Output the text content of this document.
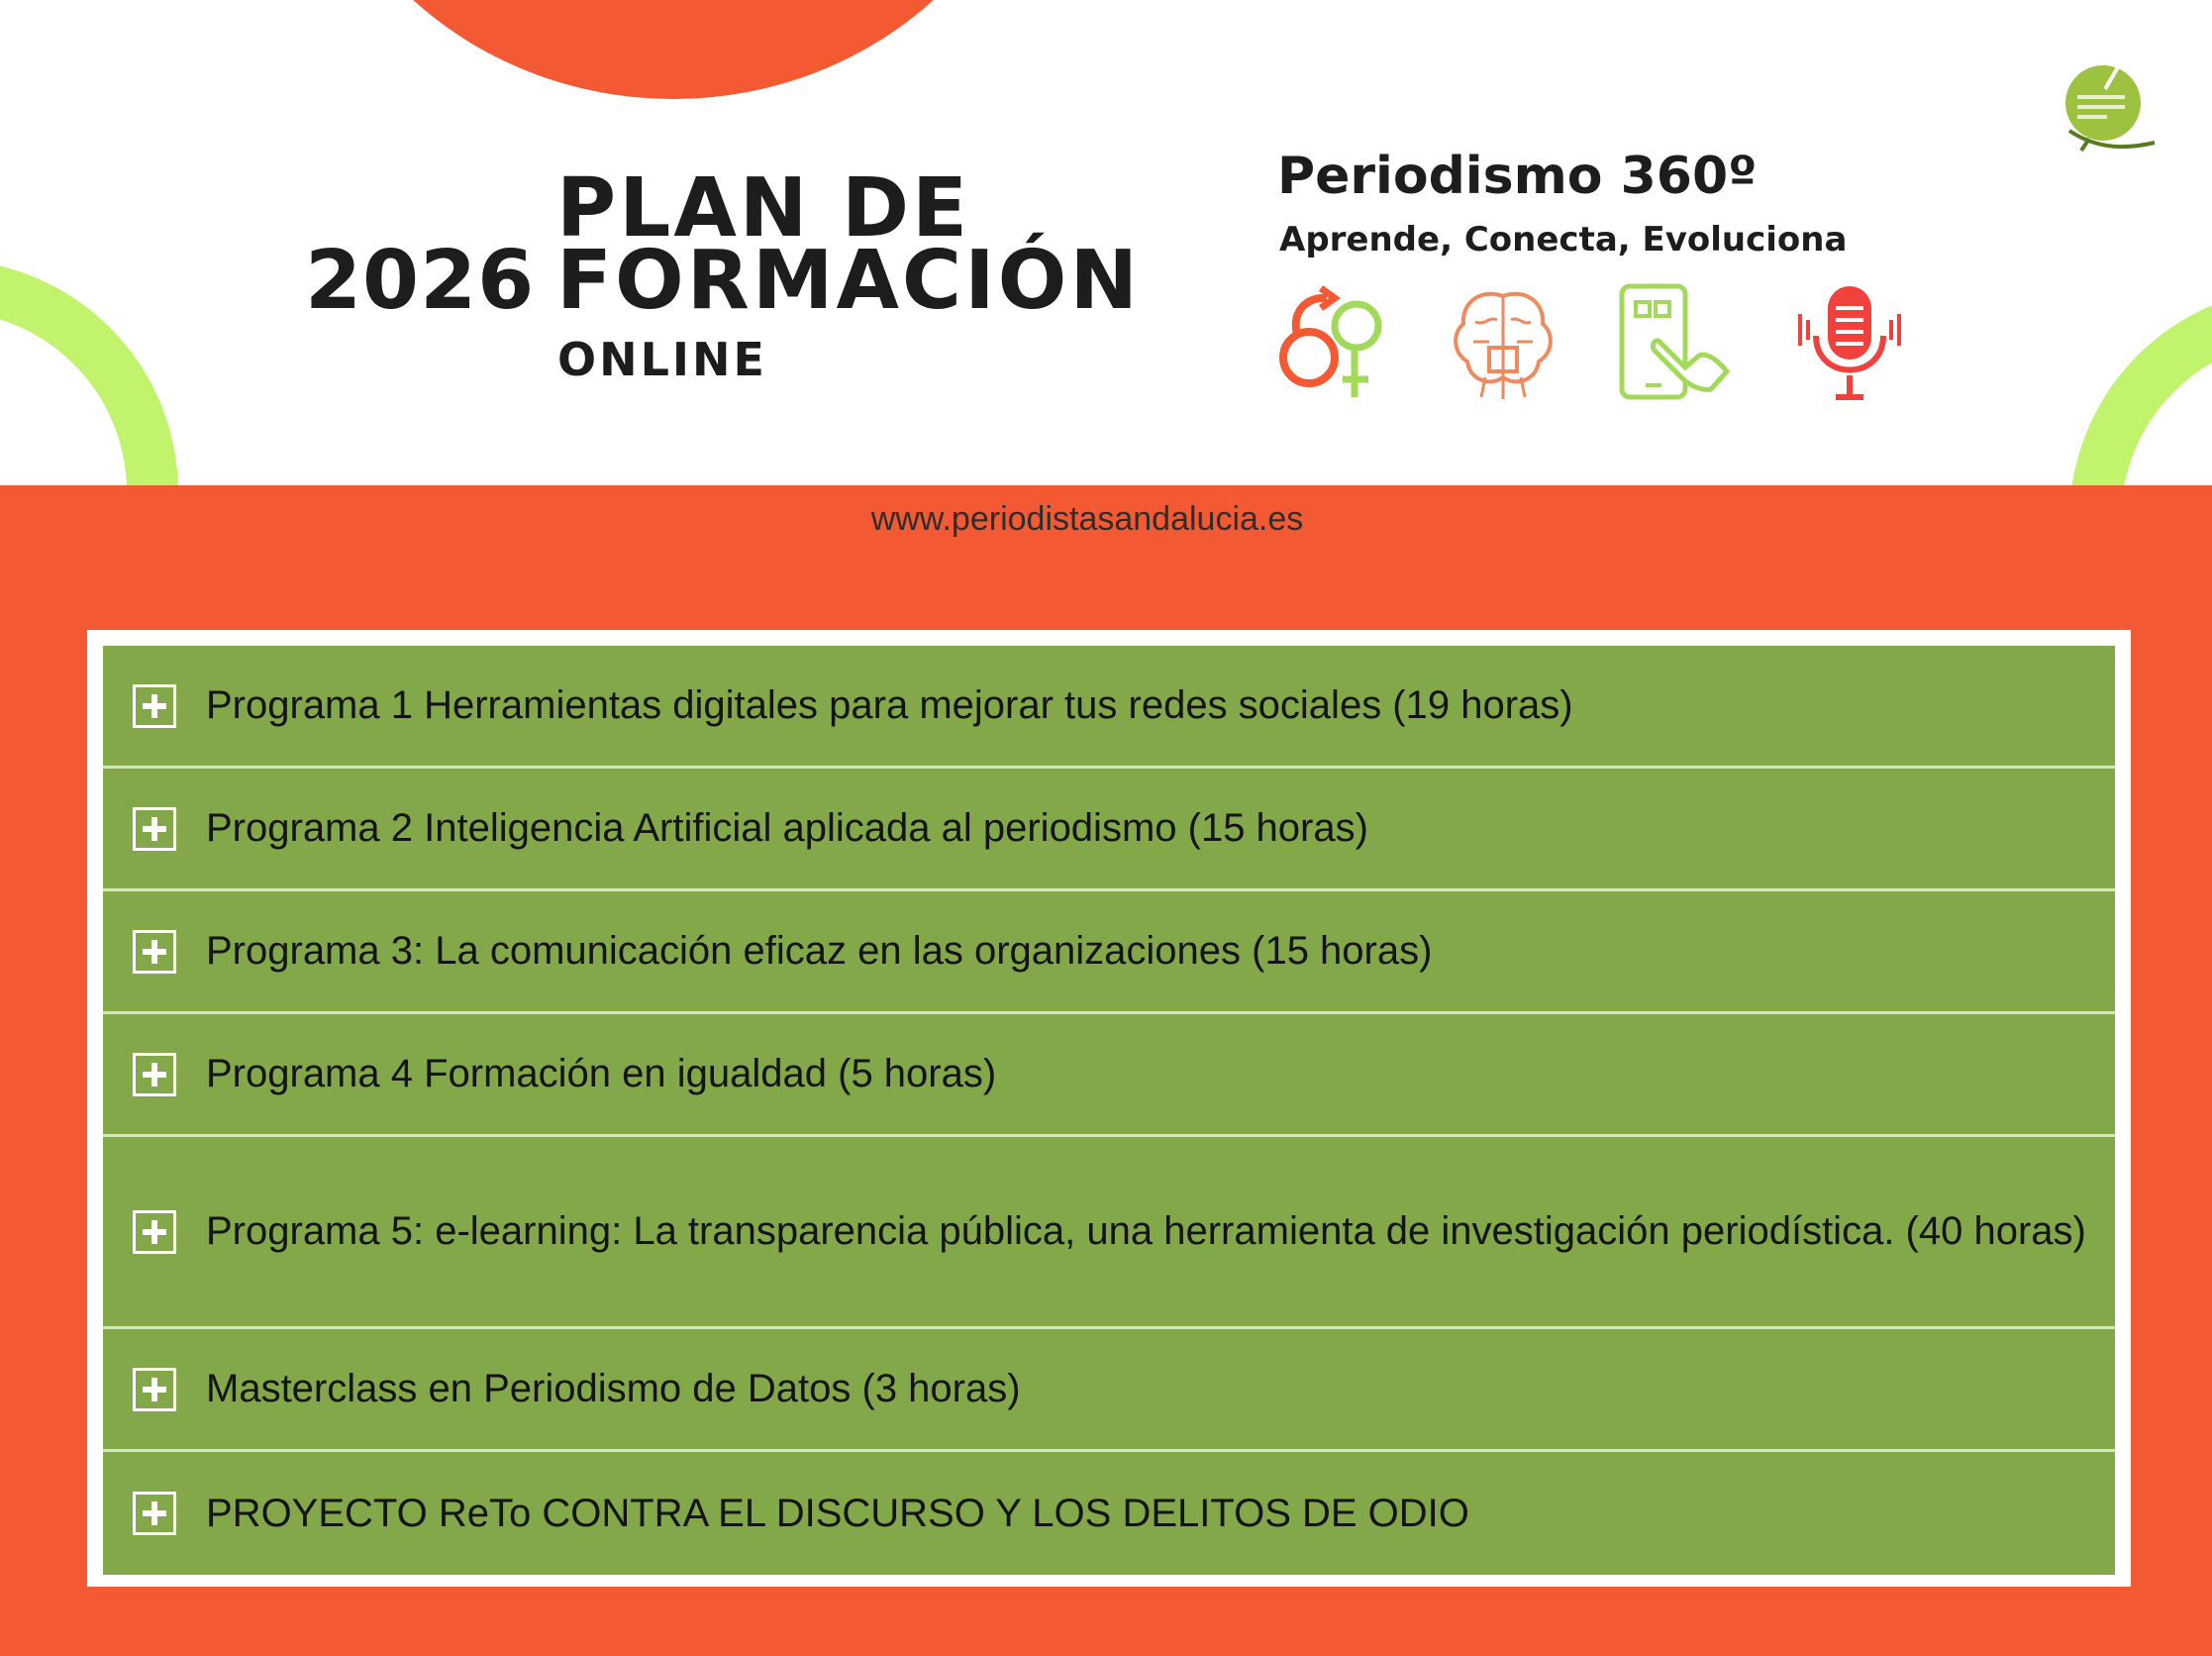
2026
PLAN DE
FORMACIÓN
ONLINE
Periodismo 360º
Aprende, Conecta, Evoluciona
www.periodistasandalucia.es
Programa 1 Herramientas digitales para mejorar tus redes sociales (19 horas)
Programa 2 Inteligencia Artificial aplicada al periodismo (15 horas)
Programa 3: La comunicación eficaz en las organizaciones (15 horas)
Programa 4 Formación en igualdad (5 horas)
Programa 5: e-learning: La transparencia pública, una herramienta de investigación periodística. (40 horas)
Masterclass en Periodismo de Datos (3 horas)
PROYECTO ReTo CONTRA EL DISCURSO Y LOS DELITOS DE ODIO
